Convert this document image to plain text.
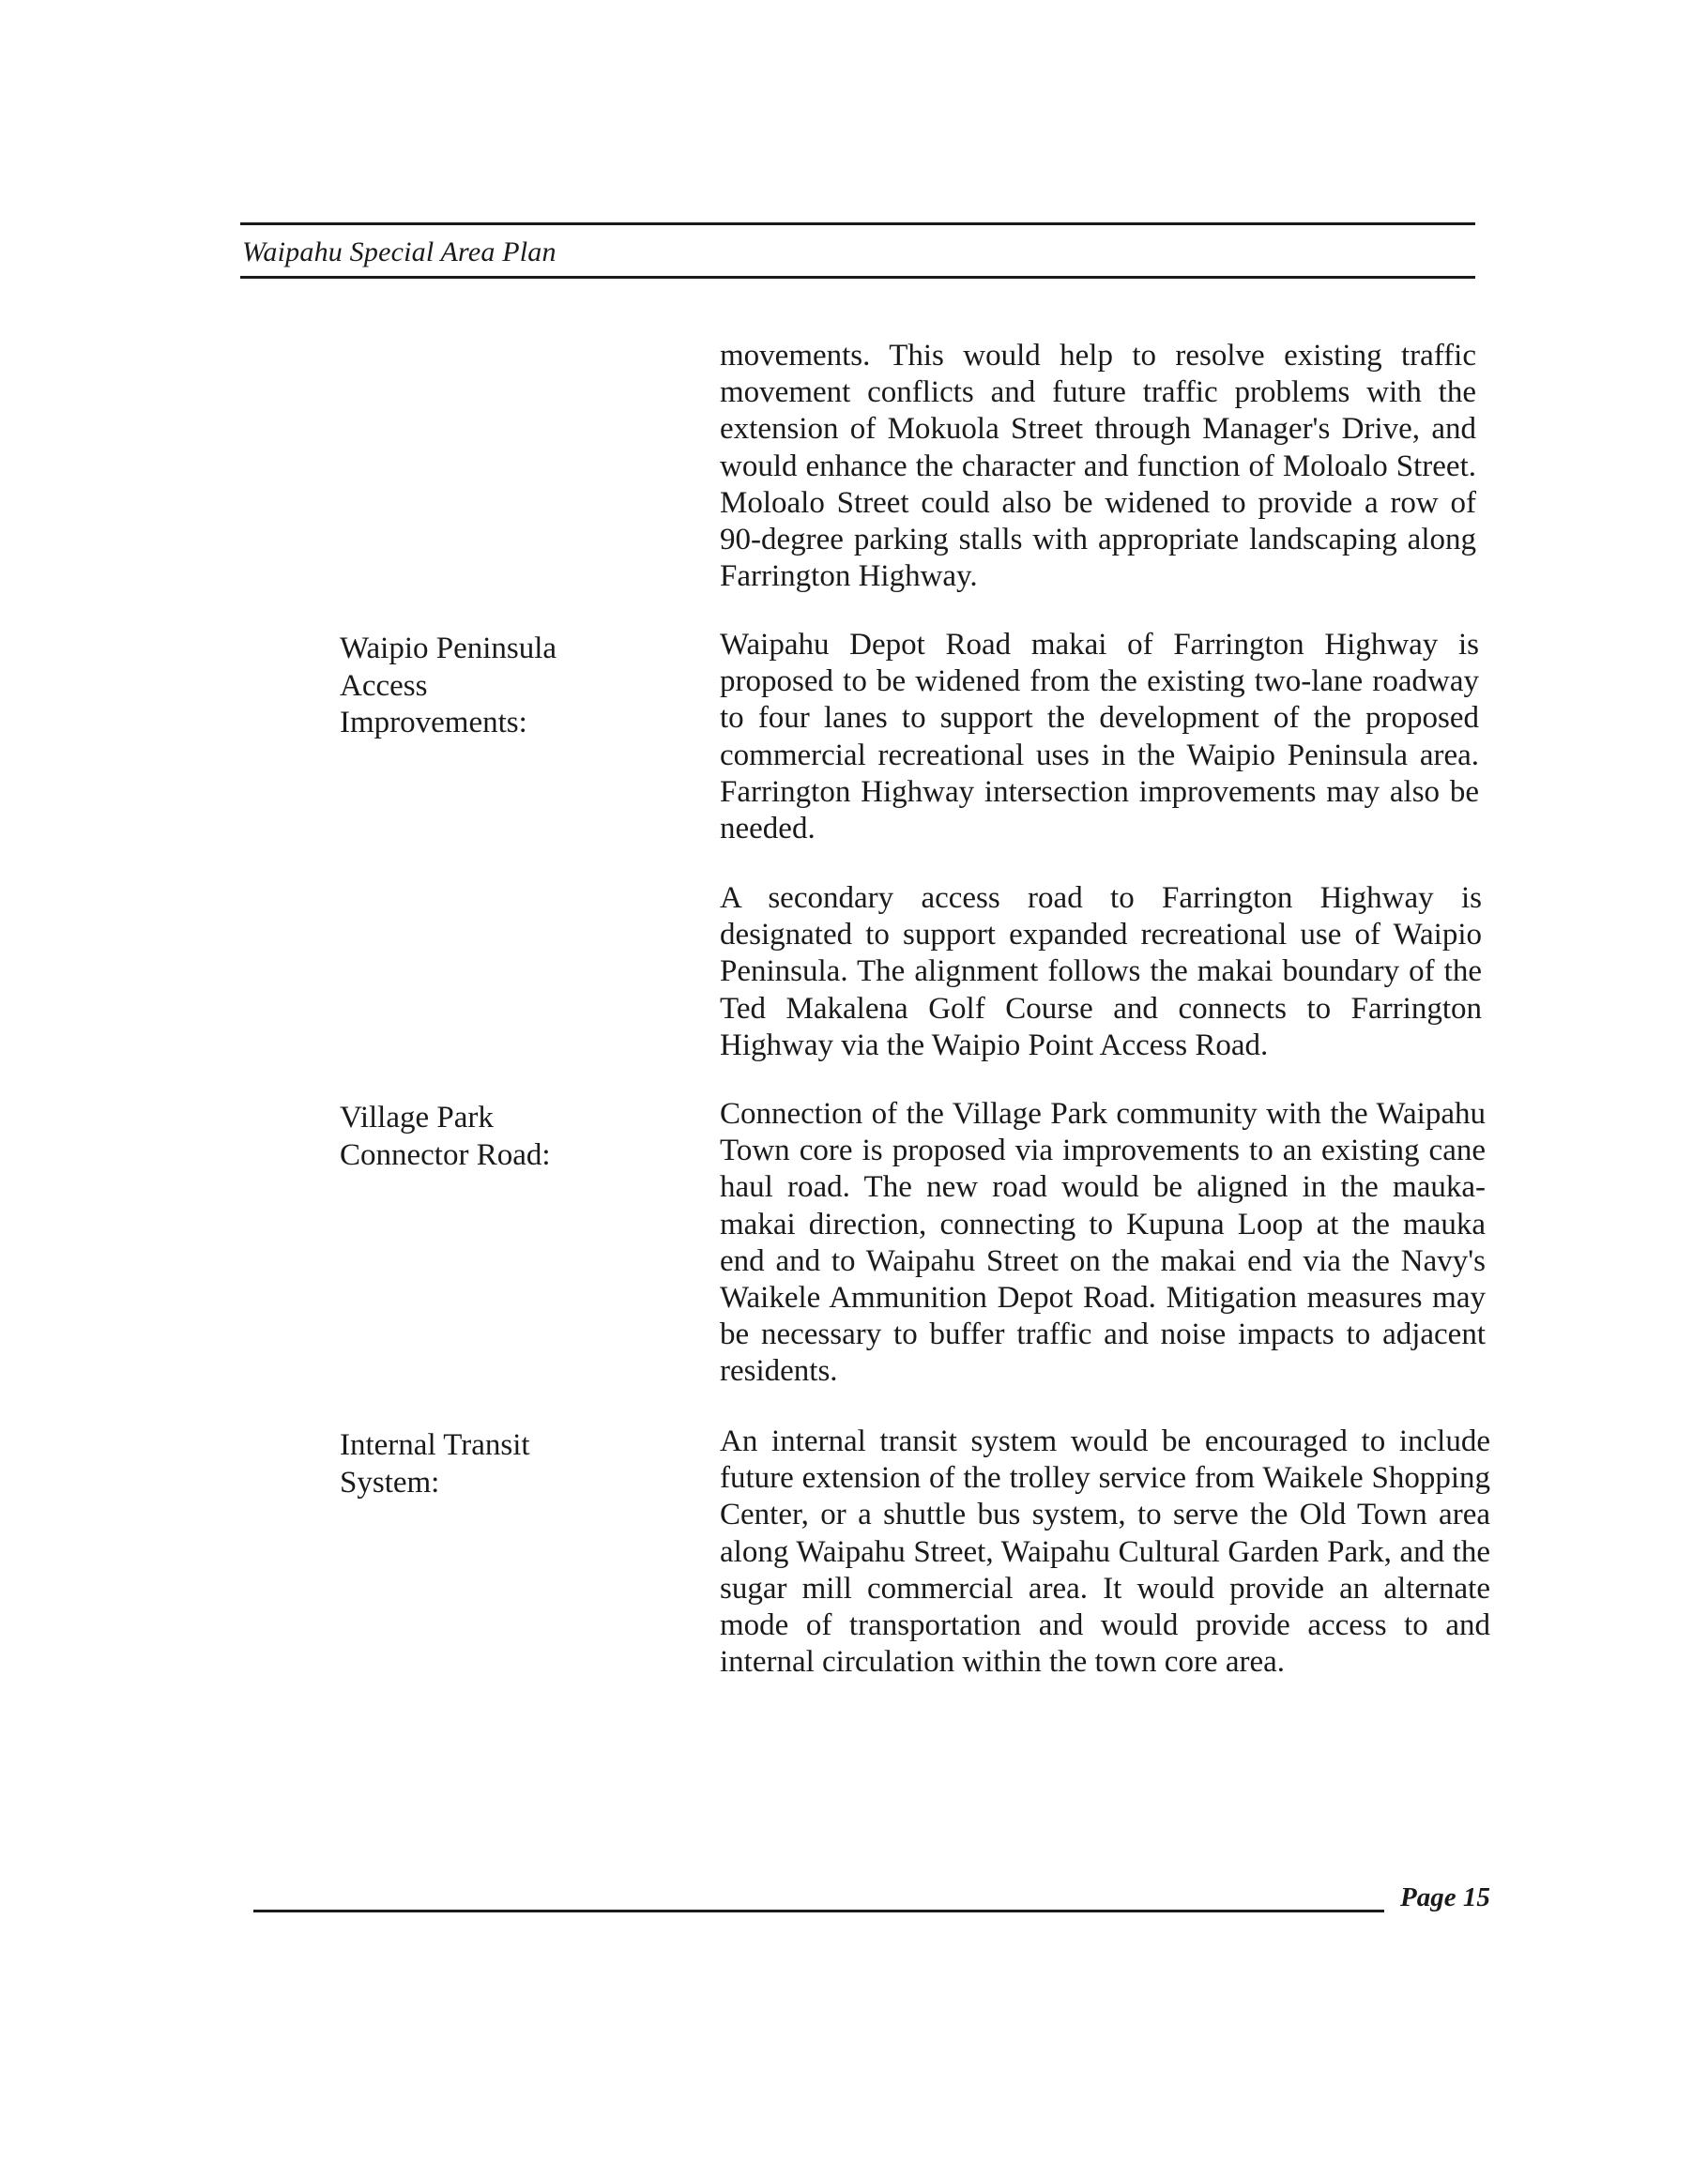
Waipahu Special Area Plan

movements. This would help to resolve existing traffic movement conflicts and future traffic problems with the extension of Mokuola Street through Manager's Drive, and would enhance the character and function of Moloalo Street. Moloalo Street could also be widened to provide a row of 90-degree parking stalls with appropriate landscaping along Farrington Highway.

Waipio Peninsula
Access
Improvements:

Waipahu Depot Road makai of Farrington Highway is proposed to be widened from the existing two-lane roadway to four lanes to support the development of the proposed commercial recreational uses in the Waipio Peninsula area. Farrington Highway intersection improvements may also be needed.

A secondary access road to Farrington Highway is designated to support expanded recreational use of Waipio Peninsula. The alignment follows the makai boundary of the Ted Makalena Golf Course and connects to Farrington Highway via the Waipio Point Access Road.

Village Park
Connector Road:

Connection of the Village Park community with the Waipahu Town core is proposed via improvements to an existing cane haul road. The new road would be aligned in the mauka-makai direction, connecting to Kupuna Loop at the mauka end and to Waipahu Street on the makai end via the Navy's Waikele Ammunition Depot Road. Mitigation measures may be necessary to buffer traffic and noise impacts to adjacent residents.

Internal Transit
System:

An internal transit system would be encouraged to include future extension of the trolley service from Waikele Shopping Center, or a shuttle bus system, to serve the Old Town area along Waipahu Street, Waipahu Cultural Garden Park, and the sugar mill commercial area. It would provide an alternate mode of transportation and would provide access to and internal circulation within the town core area.

Page 15
